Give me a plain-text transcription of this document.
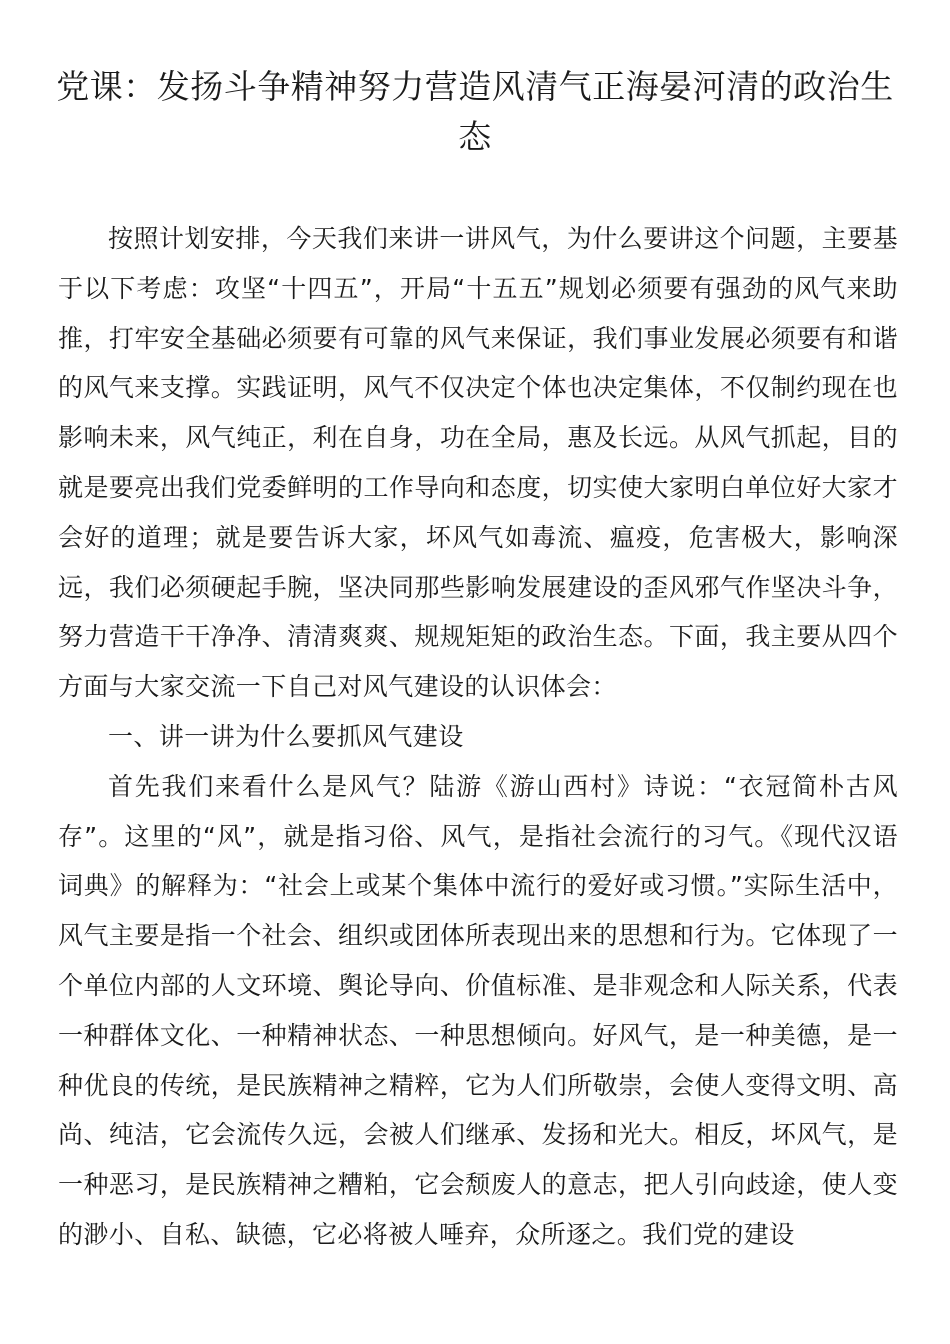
党课：发扬斗争精神努力营造风清气正海晏河清的政治生态

按照计划安排，今天我们来讲一讲风气，为什么要讲这个问题，主要基于以下考虑：攻坚“十四五”，开局“十五五”规划必须要有强劲的风气来助推，打牢安全基础必须要有可靠的风气来保证，我们事业发展必须要有和谐的风气来支撑。实践证明，风气不仅决定个体也决定集体，不仅制约现在也影响未来，风气纯正，利在自身，功在全局，惠及长远。从风气抓起，目的就是要亮出我们党委鲜明的工作导向和态度，切实使大家明白单位好大家才会好的道理；就是要告诉大家，坏风气如毒流、瘟疫，危害极大，影响深远，我们必须硬起手腕，坚决同那些影响发展建设的歪风邪气作坚决斗争，努力营造干干净净、清清爽爽、规规矩矩的政治生态。下面，我主要从四个方面与大家交流一下自己对风气建设的认识体会：

一、讲一讲为什么要抓风气建设

首先我们来看什么是风气？陆游《游山西村》诗说：“衣冠简朴古风存”。这里的“风”，就是指习俗、风气，是指社会流行的习气。《现代汉语词典》的解释为：“社会上或某个集体中流行的爱好或习惯。”实际生活中，风气主要是指一个社会、组织或团体所表现出来的思想和行为。它体现了一个单位内部的人文环境、舆论导向、价值标准、是非观念和人际关系，代表一种群体文化、一种精神状态、一种思想倾向。好风气，是一种美德，是一种优良的传统，是民族精神之精粹，它为人们所敬崇，会使人变得文明、高尚、纯洁，它会流传久远，会被人们继承、发扬和光大。相反，坏风气，是一种恶习，是民族精神之糟粕，它会颓废人的意志，把人引向歧途，使人变的渺小、自私、缺德，它必将被人唾弃，众所逐之。我们党的建设
